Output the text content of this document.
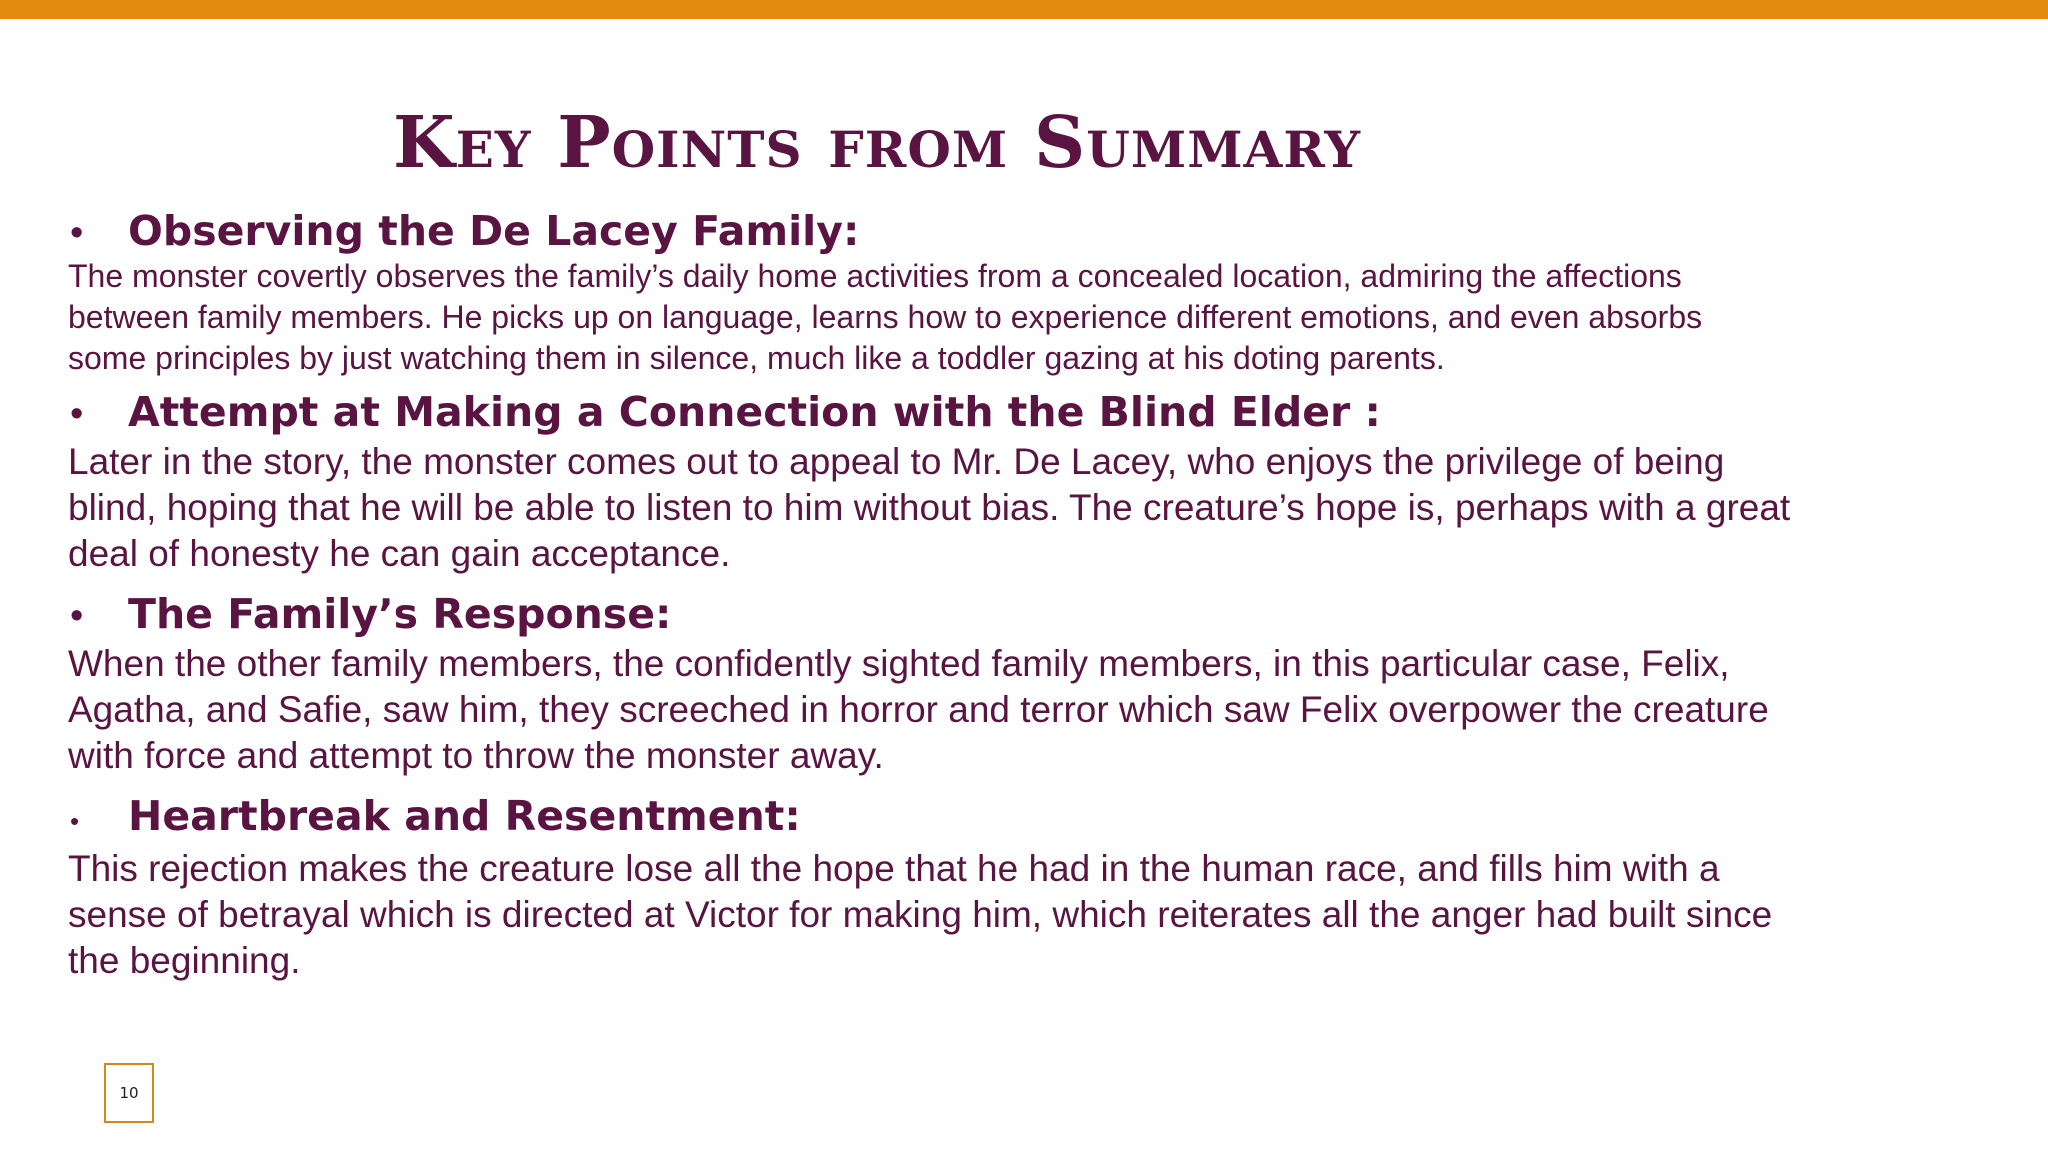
Key Points from Summary
•	Observing the De Lacey Family:
The monster covertly observes the family’s daily home activities from a concealed location, admiring the affections
between family members. He picks up on language, learns how to experience different emotions, and even absorbs
some principles by just watching them in silence, much like a toddler gazing at his doting parents.
•	Attempt at Making a Connection with the Blind Elder :
Later in the story, the monster comes out to appeal to Mr. De Lacey, who enjoys the privilege of being
blind, hoping that he will be able to listen to him without bias. The creature’s hope is, perhaps with a great
deal of honesty he can gain acceptance.
•	The Family’s Response:
When the other family members, the confidently sighted family members, in this particular case, Felix,
Agatha, and Safie, saw him, they screeched in horror and terror which saw Felix overpower the creature
with force and attempt to throw the monster away.
•	Heartbreak and Resentment:
This rejection makes the creature lose all the hope that he had in the human race, and fills him with a
sense of betrayal which is directed at Victor for making him, which reiterates all the anger had built since
the beginning.
10
